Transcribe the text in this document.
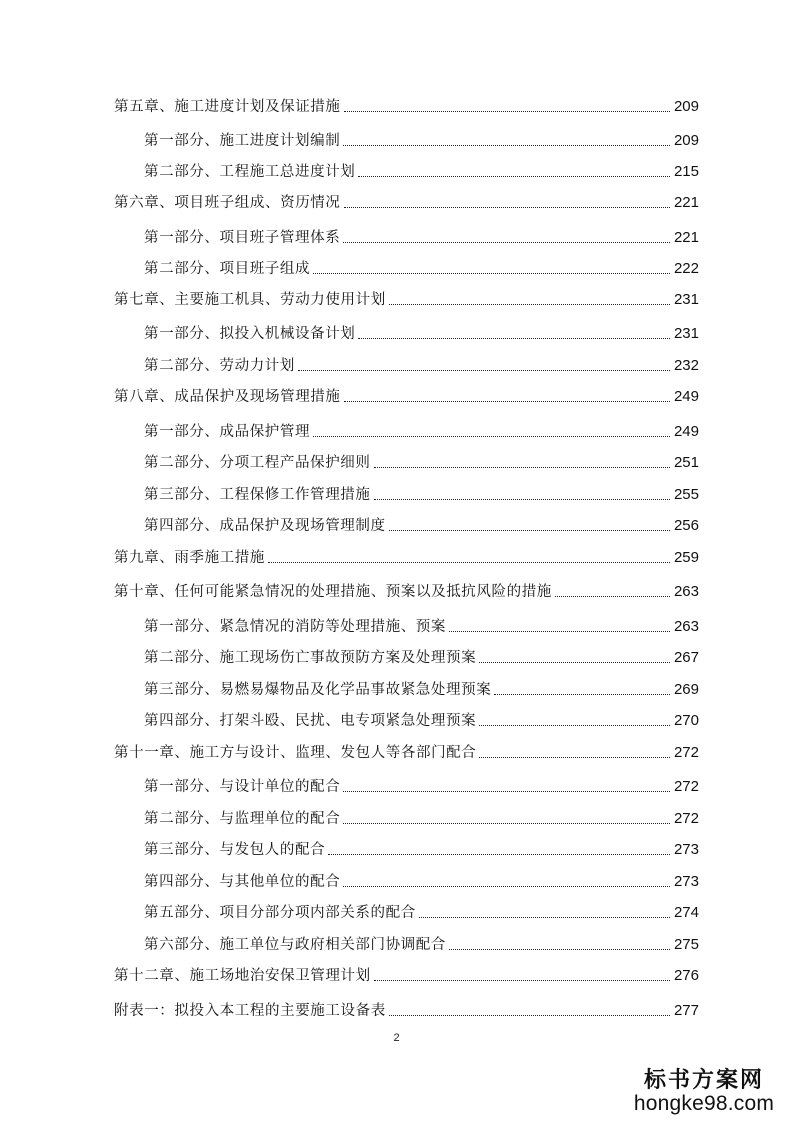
第五章、施工进度计划及保证措施	209
第一部分、施工进度计划编制	209
第二部分、工程施工总进度计划	215
第六章、项目班子组成、资历情况	221
第一部分、项目班子管理体系	221
第二部分、项目班子组成	222
第七章、主要施工机具、劳动力使用计划	231
第一部分、拟投入机械设备计划	231
第二部分、劳动力计划	232
第八章、成品保护及现场管理措施	249
第一部分、成品保护管理	249
第二部分、分项工程产品保护细则	251
第三部分、工程保修工作管理措施	255
第四部分、成品保护及现场管理制度	256
第九章、雨季施工措施	259
第十章、任何可能紧急情况的处理措施、预案以及抵抗风险的措施	263
第一部分、紧急情况的消防等处理措施、预案	263
第二部分、施工现场伤亡事故预防方案及处理预案	267
第三部分、易燃易爆物品及化学品事故紧急处理预案	269
第四部分、打架斗殴、民扰、电专项紧急处理预案	270
第十一章、施工方与设计、监理、发包人等各部门配合	272
第一部分、与设计单位的配合	272
第二部分、与监理单位的配合	272
第三部分、与发包人的配合	273
第四部分、与其他单位的配合	273
第五部分、项目分部分项内部关系的配合	274
第六部分、施工单位与政府相关部门协调配合	275
第十二章、施工场地治安保卫管理计划	276
附表一：拟投入本工程的主要施工设备表	277
2
标书方案网
hongke98.com
